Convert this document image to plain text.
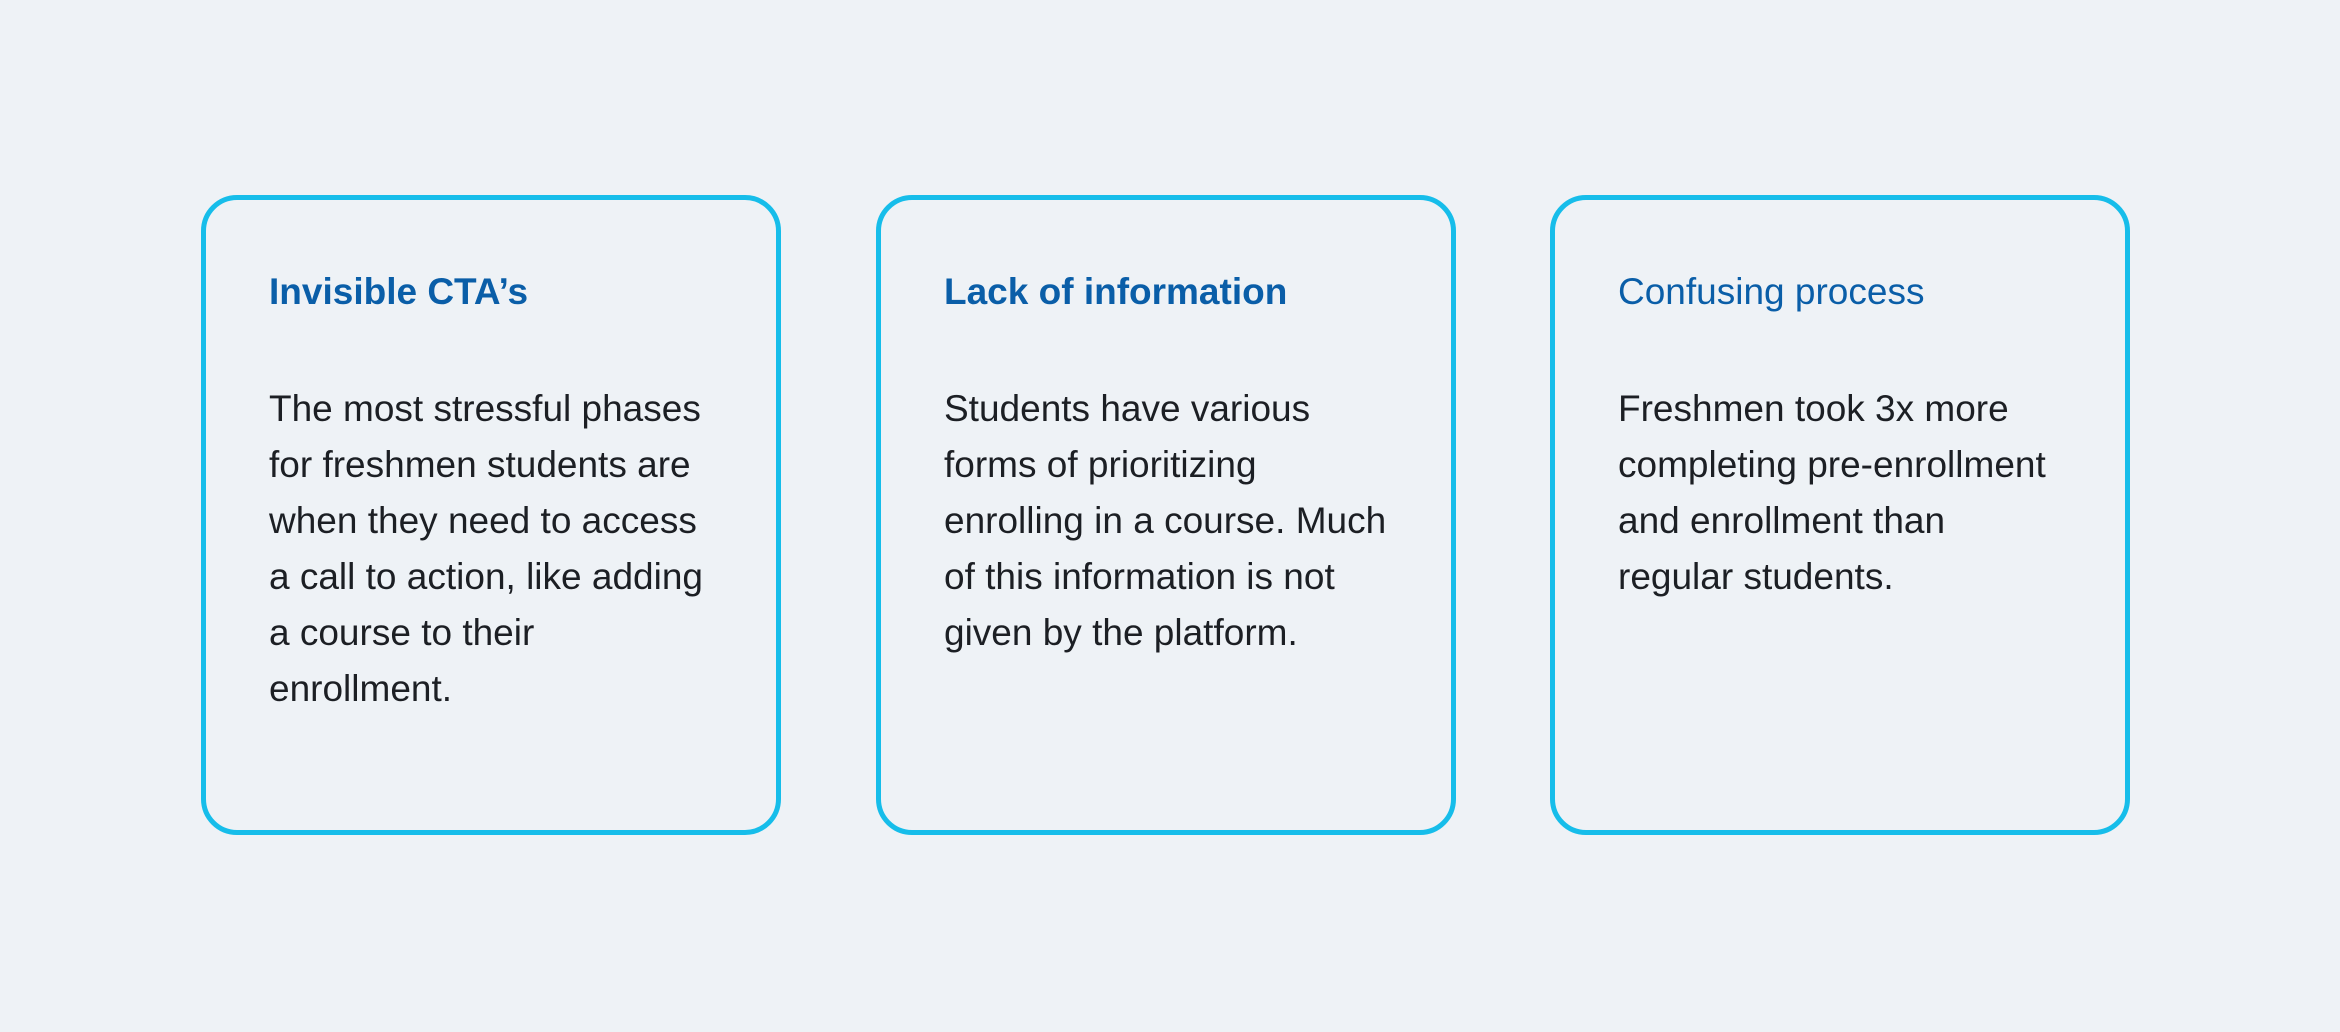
Invisible CTA’s

The most stressful phases for freshmen students are when they need to access a call to action, like adding a course to their enrollment.

Lack of information

Students have various forms of prioritizing enrolling in a course. Much of this information is not given by the platform.

Confusing process

Freshmen took 3x more completing pre-enrollment and enrollment than regular students.
